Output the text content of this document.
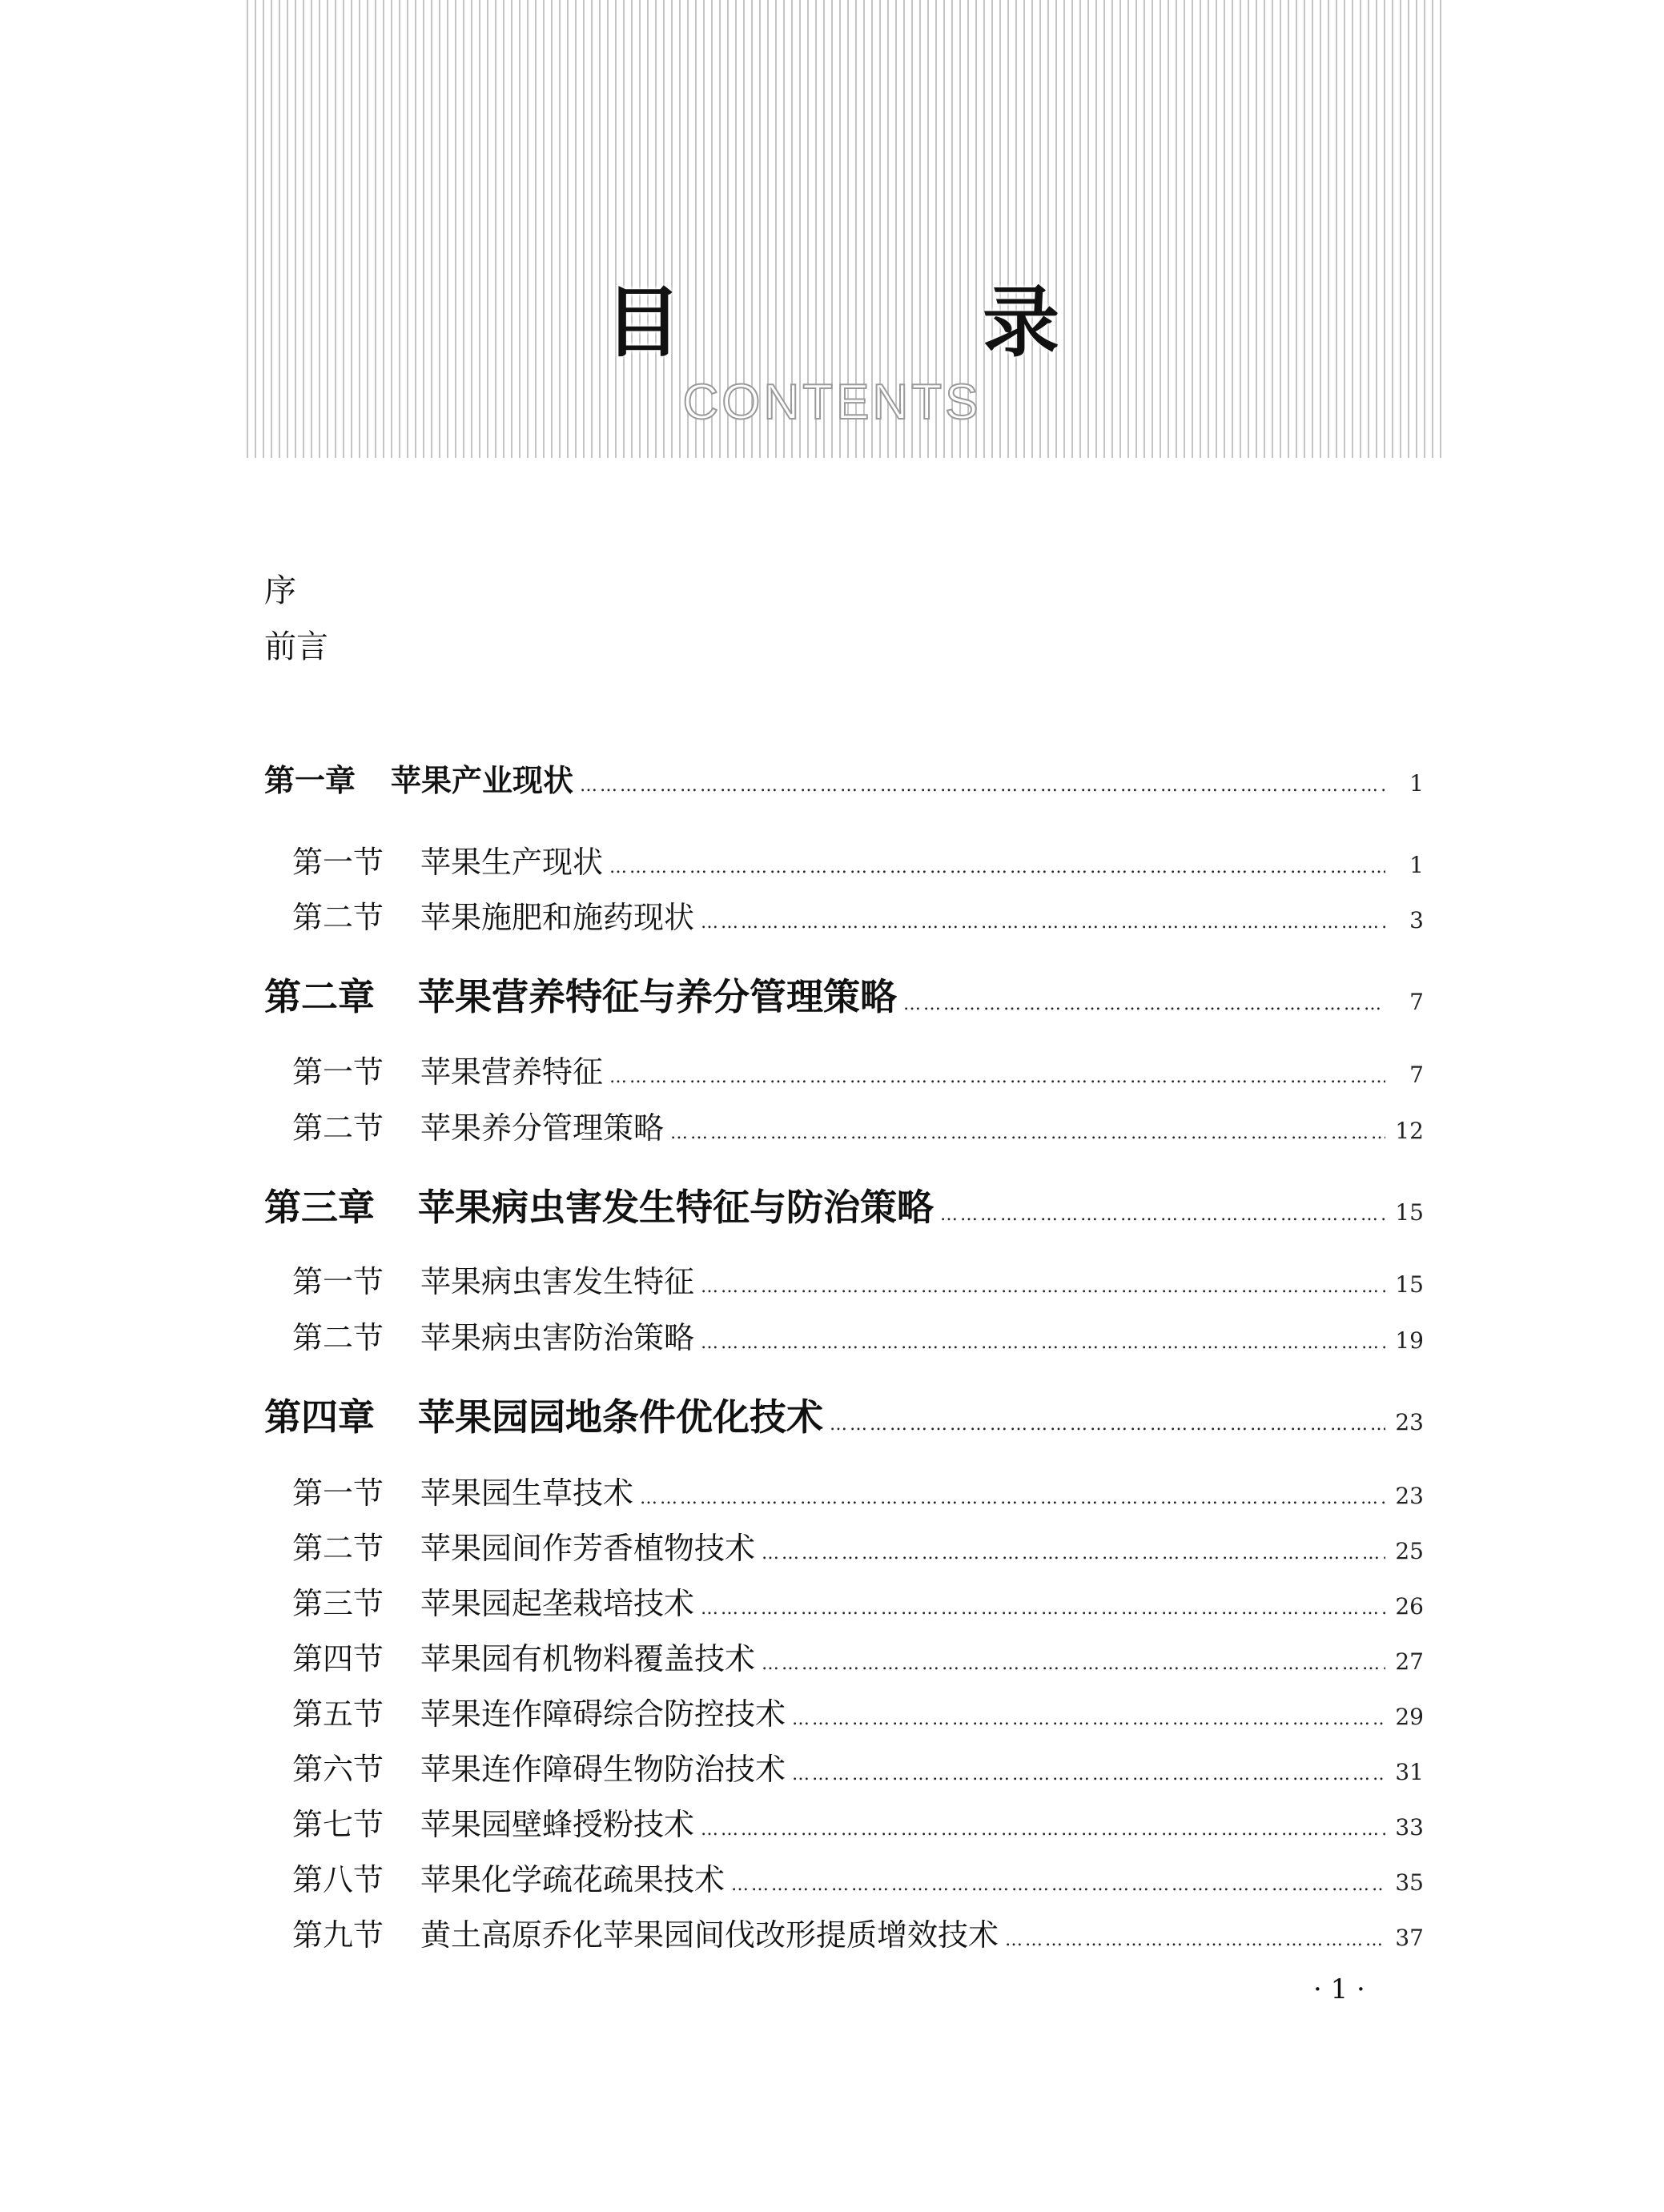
目　录
CONTENTS
序
前言
第一章 苹果产业现状 …………………………………………………………………………………………………………………………………………………………………………………………………………………………………………………………	1
第一节 苹果生产现状 …………………………………………………………………………………………………………………………………………………………………………………………………………………………………………………………	1
第二节 苹果施肥和施药现状 …………………………………………………………………………………………………………………………………………………………………………………………………………………………………………………………	3
第二章 苹果营养特征与养分管理策略 …………………………………………………………………………………………………………………………………………………………………………………………………………………………………………………………	7
第一节 苹果营养特征 …………………………………………………………………………………………………………………………………………………………………………………………………………………………………………………………	7
第二节 苹果养分管理策略 …………………………………………………………………………………………………………………………………………………………………………………………………………………………………………………………	12
第三章 苹果病虫害发生特征与防治策略 …………………………………………………………………………………………………………………………………………………………………………………………………………………………………………………………	15
第一节 苹果病虫害发生特征 …………………………………………………………………………………………………………………………………………………………………………………………………………………………………………………………	15
第二节 苹果病虫害防治策略 …………………………………………………………………………………………………………………………………………………………………………………………………………………………………………………………	19
第四章 苹果园园地条件优化技术 …………………………………………………………………………………………………………………………………………………………………………………………………………………………………………………………	23
第一节 苹果园生草技术 …………………………………………………………………………………………………………………………………………………………………………………………………………………………………………………………	23
第二节 苹果园间作芳香植物技术 …………………………………………………………………………………………………………………………………………………………………………………………………………………………………………………………	25
第三节 苹果园起垄栽培技术 …………………………………………………………………………………………………………………………………………………………………………………………………………………………………………………………	26
第四节 苹果园有机物料覆盖技术 …………………………………………………………………………………………………………………………………………………………………………………………………………………………………………………………	27
第五节 苹果连作障碍综合防控技术 …………………………………………………………………………………………………………………………………………………………………………………………………………………………………………………………	29
第六节 苹果连作障碍生物防治技术 …………………………………………………………………………………………………………………………………………………………………………………………………………………………………………………………	31
第七节 苹果园壁蜂授粉技术 …………………………………………………………………………………………………………………………………………………………………………………………………………………………………………………………	33
第八节 苹果化学疏花疏果技术 …………………………………………………………………………………………………………………………………………………………………………………………………………………………………………………………	35
第九节 黄土高原乔化苹果园间伐改形提质增效技术 …………………………………………………………………………………………………………………………………………………………………………………………………………………………………………………………	37
· 1 ·
